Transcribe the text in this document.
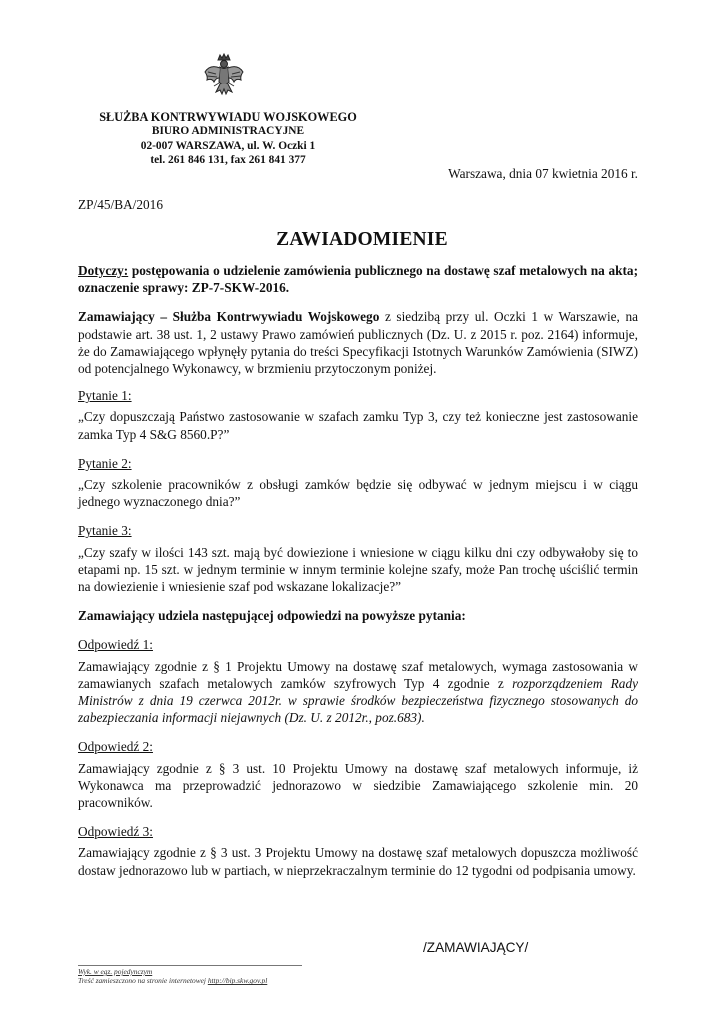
SŁUŻBA KONTRWYWIADU WOJSKOWEGO
BIURO ADMINISTRACYJNE
02-007 WARSZAWA, ul. W. Oczki 1
tel. 261 846 131, fax 261 841 377
Warszawa, dnia 07 kwietnia 2016 r.
ZP/45/BA/2016
ZAWIADOMIENIE

Dotyczy: postępowania o udzielenie zamówienia publicznego na dostawę szaf metalowych na akta; oznaczenie sprawy: ZP-7-SKW-2016.

Zamawiający – Służba Kontrwywiadu Wojskowego z siedzibą przy ul. Oczki 1 w Warszawie, na podstawie art. 38 ust. 1, 2 ustawy Prawo zamówień publicznych (Dz. U. z 2015 r. poz. 2164) informuje, że do Zamawiającego wpłynęły pytania do treści Specyfikacji Istotnych Warunków Zamówienia (SIWZ) od potencjalnego Wykonawcy, w brzmieniu przytoczonym poniżej.

Pytanie 1:

„Czy dopuszczają Państwo zastosowanie w szafach zamku Typ 3, czy też konieczne jest zastosowanie zamka Typ 4 S&G 8560.P?”

Pytanie 2:

„Czy szkolenie pracowników z obsługi zamków będzie się odbywać w jednym miejscu i w ciągu jednego wyznaczonego dnia?”

Pytanie 3:

„Czy szafy w ilości 143 szt. mają być dowiezione i wniesione w ciągu kilku dni czy odbywałoby się to etapami np. 15 szt. w jednym terminie w innym terminie kolejne szafy, może Pan trochę uściślić termin na dowiezienie i wniesienie szaf pod wskazane lokalizacje?”

Zamawiający udziela następującej odpowiedzi na powyższe pytania:

Odpowiedź 1:

Zamawiający zgodnie z § 1 Projektu Umowy na dostawę szaf metalowych, wymaga zastosowania w zamawianych szafach metalowych zamków szyfrowych Typ 4 zgodnie z rozporządzeniem Rady Ministrów z dnia 19 czerwca 2012r. w sprawie środków bezpieczeństwa fizycznego stosowanych do zabezpieczania informacji niejawnych (Dz. U. z 2012r., poz.683).

Odpowiedź 2:

Zamawiający zgodnie z § 3 ust. 10 Projektu Umowy na dostawę szaf metalowych informuje, iż Wykonawca ma przeprowadzić jednorazowo w siedzibie Zamawiającego szkolenie min. 20 pracowników.

Odpowiedź 3:

Zamawiający zgodnie z § 3 ust. 3 Projektu Umowy na dostawę szaf metalowych dopuszcza możliwość dostaw jednorazowo lub w partiach, w nieprzekraczalnym terminie do 12 tygodni od podpisania umowy.

/ZAMAWIAJĄCY/
Wyk. w egz. pojedynczym
Treść zamieszczono na stronie internetowej http://bip.skw.gov.pl
